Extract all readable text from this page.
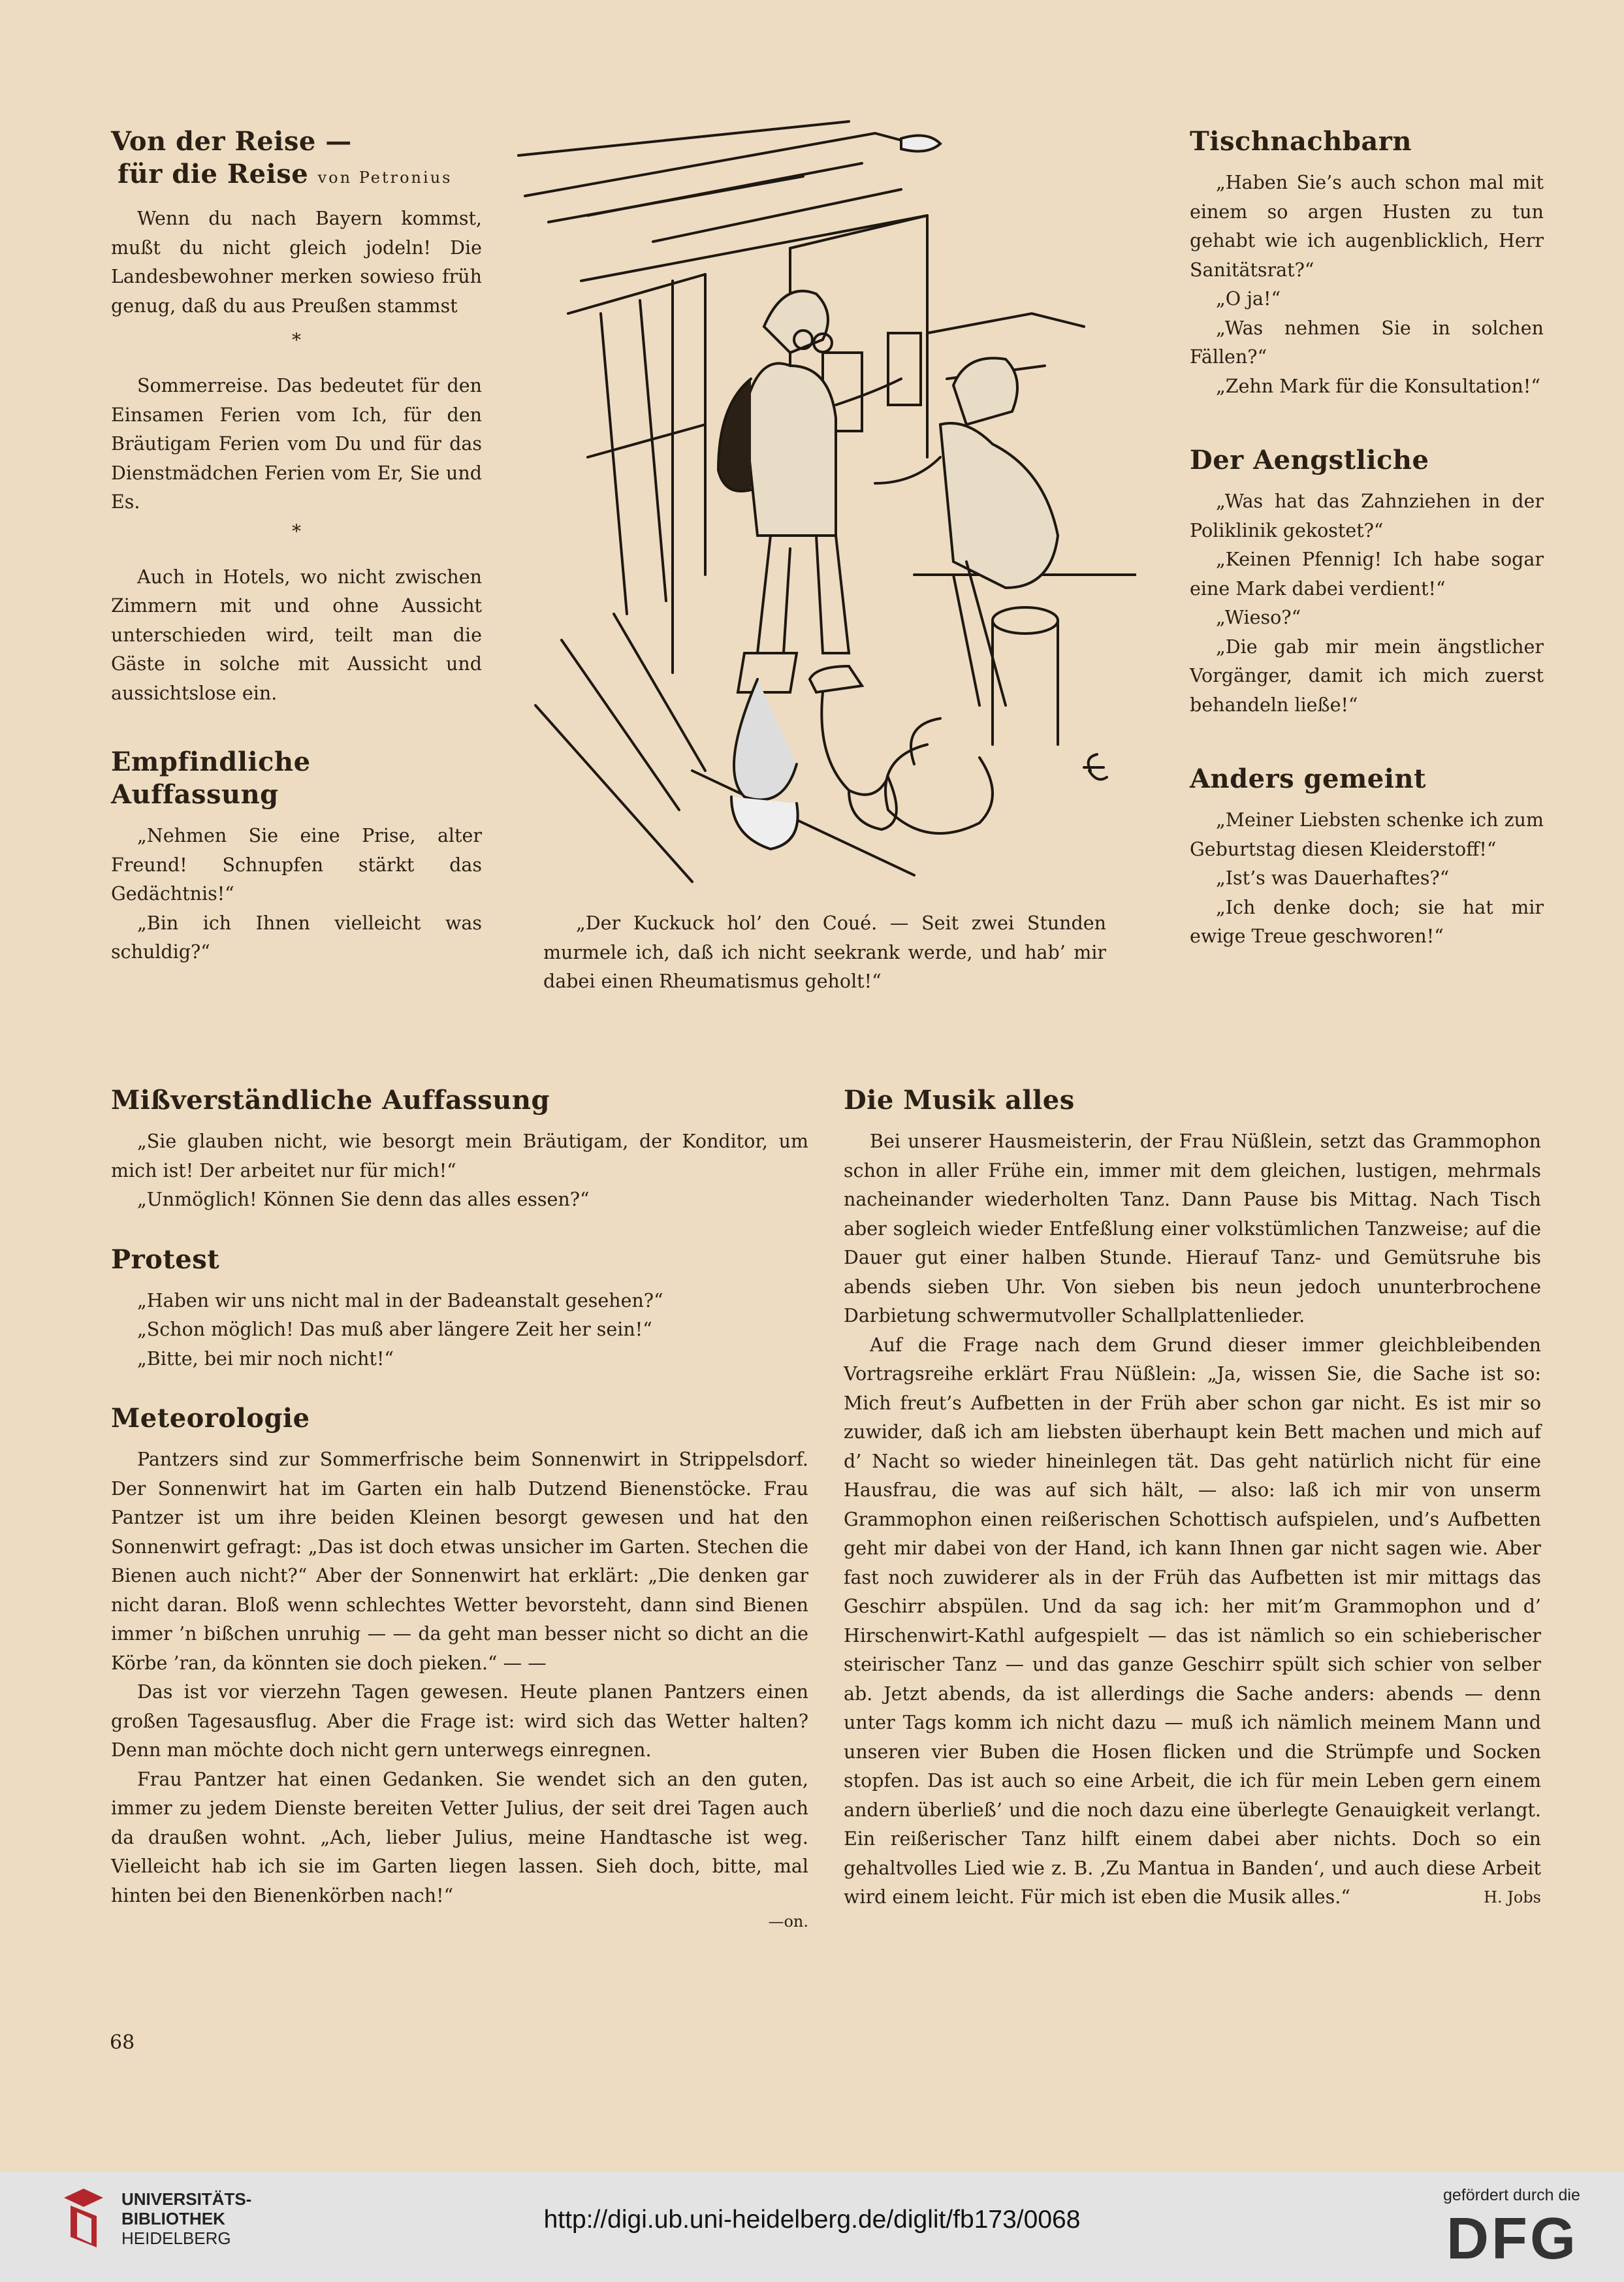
Von der Reise —
für die Reise von Petronius

Wenn du nach Bayern kommst, mußt du nicht gleich jodeln! Die Landesbewohner merken sowieso früh genug, daß du aus Preußen stammst

*

Sommerreise. Das bedeutet für den Einsamen Ferien vom Ich, für den Bräutigam Ferien vom Du und für das Dienstmädchen Ferien vom Er, Sie und Es.

*

Auch in Hotels, wo nicht zwischen Zimmern mit und ohne Aussicht unterschieden wird, teilt man die Gäste in solche mit Aussicht und aussichtslose ein.

Empfindliche Auffassung

„Nehmen Sie eine Prise, alter Freund! Schnupfen stärkt das Gedächtnis!“

„Bin ich Ihnen vielleicht was schuldig?“

„Der Kuckuck hol’ den Coué. — Seit zwei Stunden murmele ich, daß ich nicht seekrank werde, und hab’ mir dabei einen Rheumatismus geholt!“
Tischnachbarn

„Haben Sie’s auch schon mal mit einem so argen Husten zu tun gehabt wie ich augenblicklich, Herr Sanitätsrat?“

„O ja!“

„Was nehmen Sie in solchen Fällen?“

„Zehn Mark für die Konsultation!“

Der Aengstliche

„Was hat das Zahnziehen in der Poliklinik gekostet?“

„Keinen Pfennig! Ich habe sogar eine Mark dabei verdient!“

„Wieso?“

„Die gab mir mein ängstlicher Vorgänger, damit ich mich zuerst behandeln ließe!“

Anders gemeint

„Meiner Liebsten schenke ich zum Geburtstag diesen Kleiderstoff!“

„Ist’s was Dauerhaftes?“

„Ich denke doch; sie hat mir ewige Treue geschworen!“

Mißverständliche Auffassung

„Sie glauben nicht, wie besorgt mein Bräutigam, der Konditor, um mich ist! Der arbeitet nur für mich!“

„Unmöglich! Können Sie denn das alles essen?“

Protest

„Haben wir uns nicht mal in der Badeanstalt gesehen?“

„Schon möglich! Das muß aber längere Zeit her sein!“

„Bitte, bei mir noch nicht!“

Meteorologie

Pantzers sind zur Sommerfrische beim Sonnenwirt in Strippelsdorf. Der Sonnenwirt hat im Garten ein halb Dutzend Bienenstöcke. Frau Pantzer ist um ihre beiden Kleinen besorgt gewesen und hat den Sonnenwirt gefragt: „Das ist doch etwas unsicher im Garten. Stechen die Bienen auch nicht?“ Aber der Sonnenwirt hat erklärt: „Die denken gar nicht daran. Bloß wenn schlechtes Wetter bevorsteht, dann sind Bienen immer ’n bißchen unruhig — — da geht man besser nicht so dicht an die Körbe ’ran, da könnten sie doch pieken.“ — —

Das ist vor vierzehn Tagen gewesen. Heute planen Pantzers einen großen Tagesausflug. Aber die Frage ist: wird sich das Wetter halten? Denn man möchte doch nicht gern unterwegs einregnen.

Frau Pantzer hat einen Gedanken. Sie wendet sich an den guten, immer zu jedem Dienste bereiten Vetter Julius, der seit drei Tagen auch da draußen wohnt. „Ach, lieber Julius, meine Handtasche ist weg. Vielleicht hab ich sie im Garten liegen lassen. Sieh doch, bitte, mal hinten bei den Bienenkörben nach!“

—on.

Die Musik alles

Bei unserer Hausmeisterin, der Frau Nüßlein, setzt das Grammophon schon in aller Frühe ein, immer mit dem gleichen, lustigen, mehrmals nacheinander wiederholten Tanz. Dann Pause bis Mittag. Nach Tisch aber sogleich wieder Entfeßlung einer volkstümlichen Tanzweise; auf die Dauer gut einer halben Stunde. Hierauf Tanz- und Gemütsruhe bis abends sieben Uhr. Von sieben bis neun jedoch ununterbrochene Darbietung schwermutvoller Schallplattenlieder.

Auf die Frage nach dem Grund dieser immer gleichbleibenden Vortragsreihe erklärt Frau Nüßlein: „Ja, wissen Sie, die Sache ist so: Mich freut’s Aufbetten in der Früh aber schon gar nicht. Es ist mir so zuwider, daß ich am liebsten überhaupt kein Bett machen und mich auf d’ Nacht so wieder hineinlegen tät. Das geht natürlich nicht für eine Hausfrau, die was auf sich hält, — also: laß ich mir von unserm Grammophon einen reißerischen Schottisch aufspielen, und’s Aufbetten geht mir dabei von der Hand, ich kann Ihnen gar nicht sagen wie. Aber fast noch zuwiderer als in der Früh das Aufbetten ist mir mittags das Geschirr abspülen. Und da sag ich: her mit’m Grammophon und d’ Hirschenwirt-Kathl aufgespielt — das ist nämlich so ein schieberischer steirischer Tanz — und das ganze Geschirr spült sich schier von selber ab. Jetzt abends, da ist allerdings die Sache anders: abends — denn unter Tags komm ich nicht dazu — muß ich nämlich meinem Mann und unseren vier Buben die Hosen flicken und die Strümpfe und Socken stopfen. Das ist auch so eine Arbeit, die ich für mein Leben gern einem andern überließ’ und die noch dazu eine überlegte Genauigkeit verlangt. Ein reißerischer Tanz hilft einem dabei aber nichts. Doch so ein gehaltvolles Lied wie z. B. ‚Zu Mantua in Banden‘, und auch diese Arbeit wird einem leicht. Für mich ist eben die Musik alles.“	H. Jobs

68
UNIVERSITÄTS-
BIBLIOTHEK
HEIDELBERG
http://digi.ub.uni-heidelberg.de/diglit/fb173/0068
gefördert durch die
DFG
